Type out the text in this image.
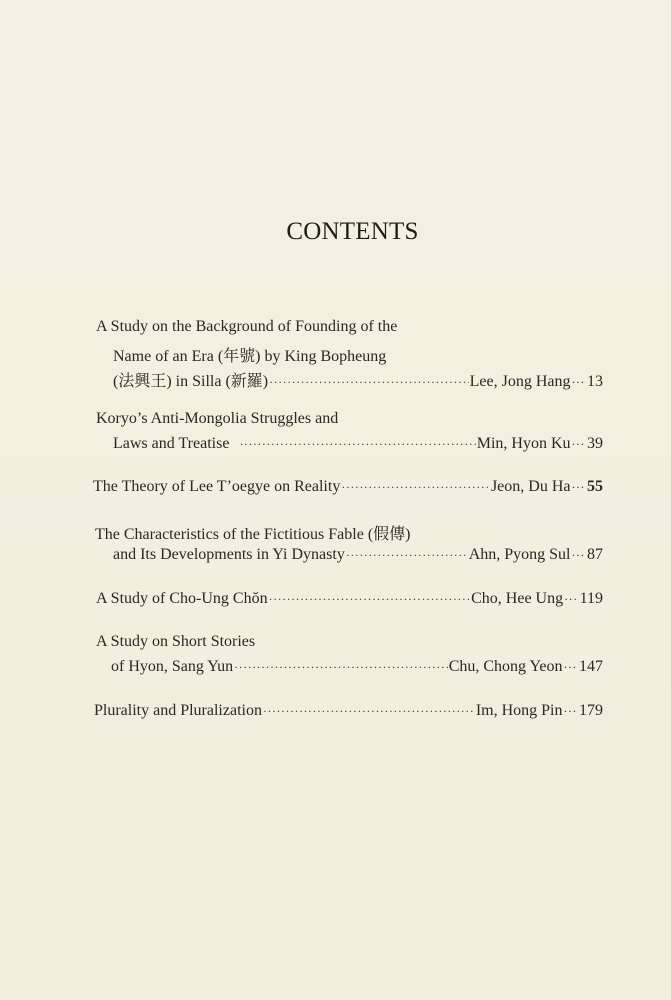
CONTENTS
A Study on the Background of Founding of the
Name of an Era (年號) by King Bopheung
(法興王) in Silla (新羅) ·····	Lee, Jong Hang ··· 13
Koryo’s Anti-Mongolia Struggles and
Laws and Treatise ·····	Min, Hyon Ku ··· 39
The Theory of Lee T’oegye on Reality ·····	Jeon, Du Ha ··· 55
The Characteristics of the Fictitious Fable (假傳)
and Its Developments in Yi Dynasty ·····	Ahn, Pyong Sul ··· 87
A Study of Cho-Ung Chŏn ·····	Cho, Hee Ung ··· 119
A Study on Short Stories
of Hyon, Sang Yun ·····	Chu, Chong Yeon ··· 147
Plurality and Pluralization ·····	Im, Hong Pin ··· 179
